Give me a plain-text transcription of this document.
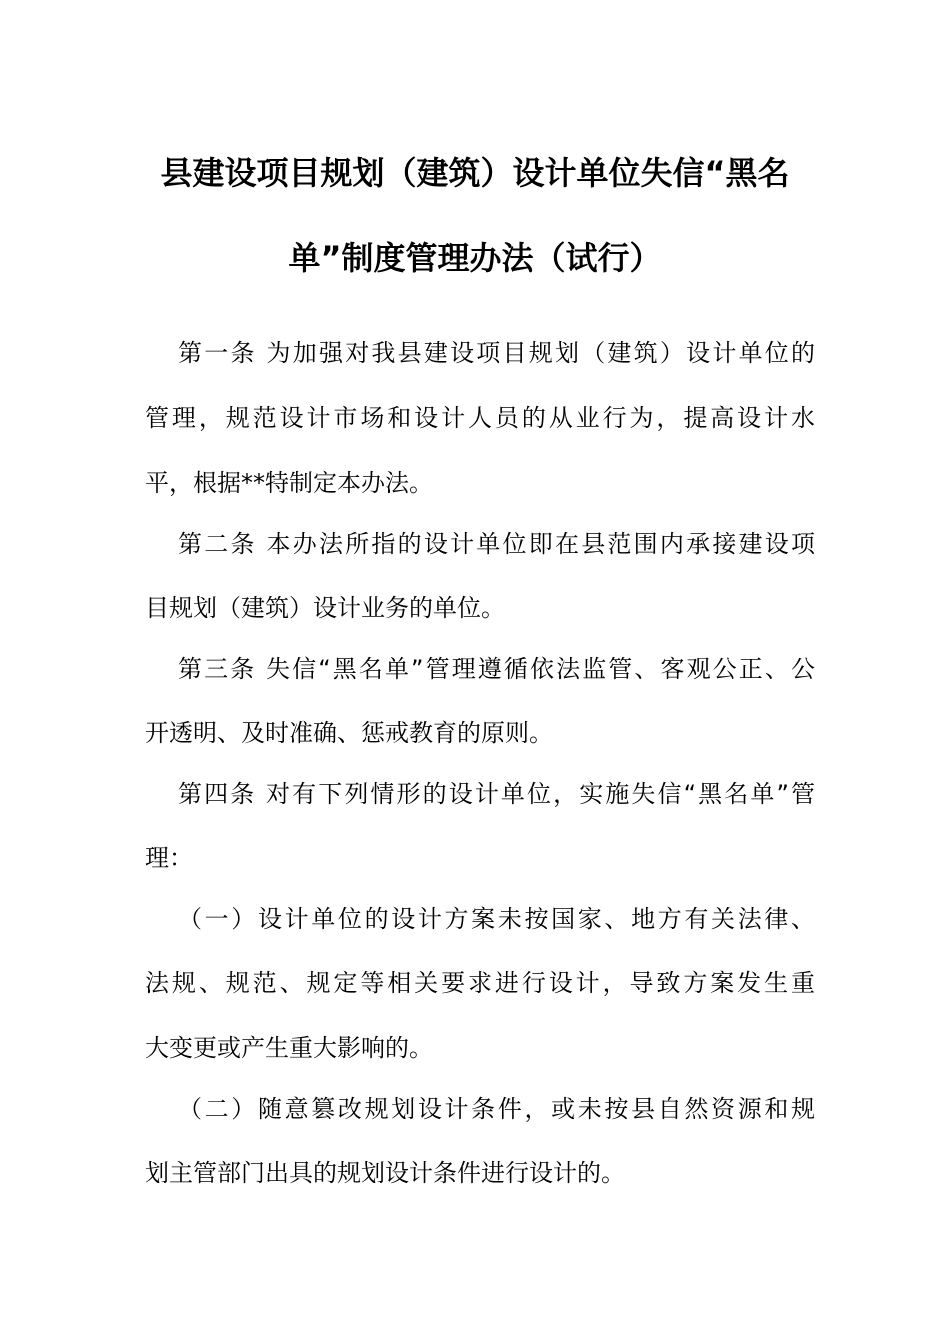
县建设项目规划（建筑）设计单位失信“黑名
单”制度管理办法（试行）
第一条 为加强对我县建设项目规划（建筑）设计单位的
管理，规范设计市场和设计人员的从业行为，提高设计水
平，根据**特制定本办法。
第二条 本办法所指的设计单位即在县范围内承接建设项
目规划（建筑）设计业务的单位。
第三条 失信“黑名单”管理遵循依法监管、客观公正、公
开透明、及时准确、惩戒教育的原则。
第四条 对有下列情形的设计单位，实施失信“黑名单”管
理：
（一）设计单位的设计方案未按国家、地方有关法律、
法规、规范、规定等相关要求进行设计，导致方案发生重
大变更或产生重大影响的。
（二）随意篡改规划设计条件，或未按县自然资源和规
划主管部门出具的规划设计条件进行设计的。
